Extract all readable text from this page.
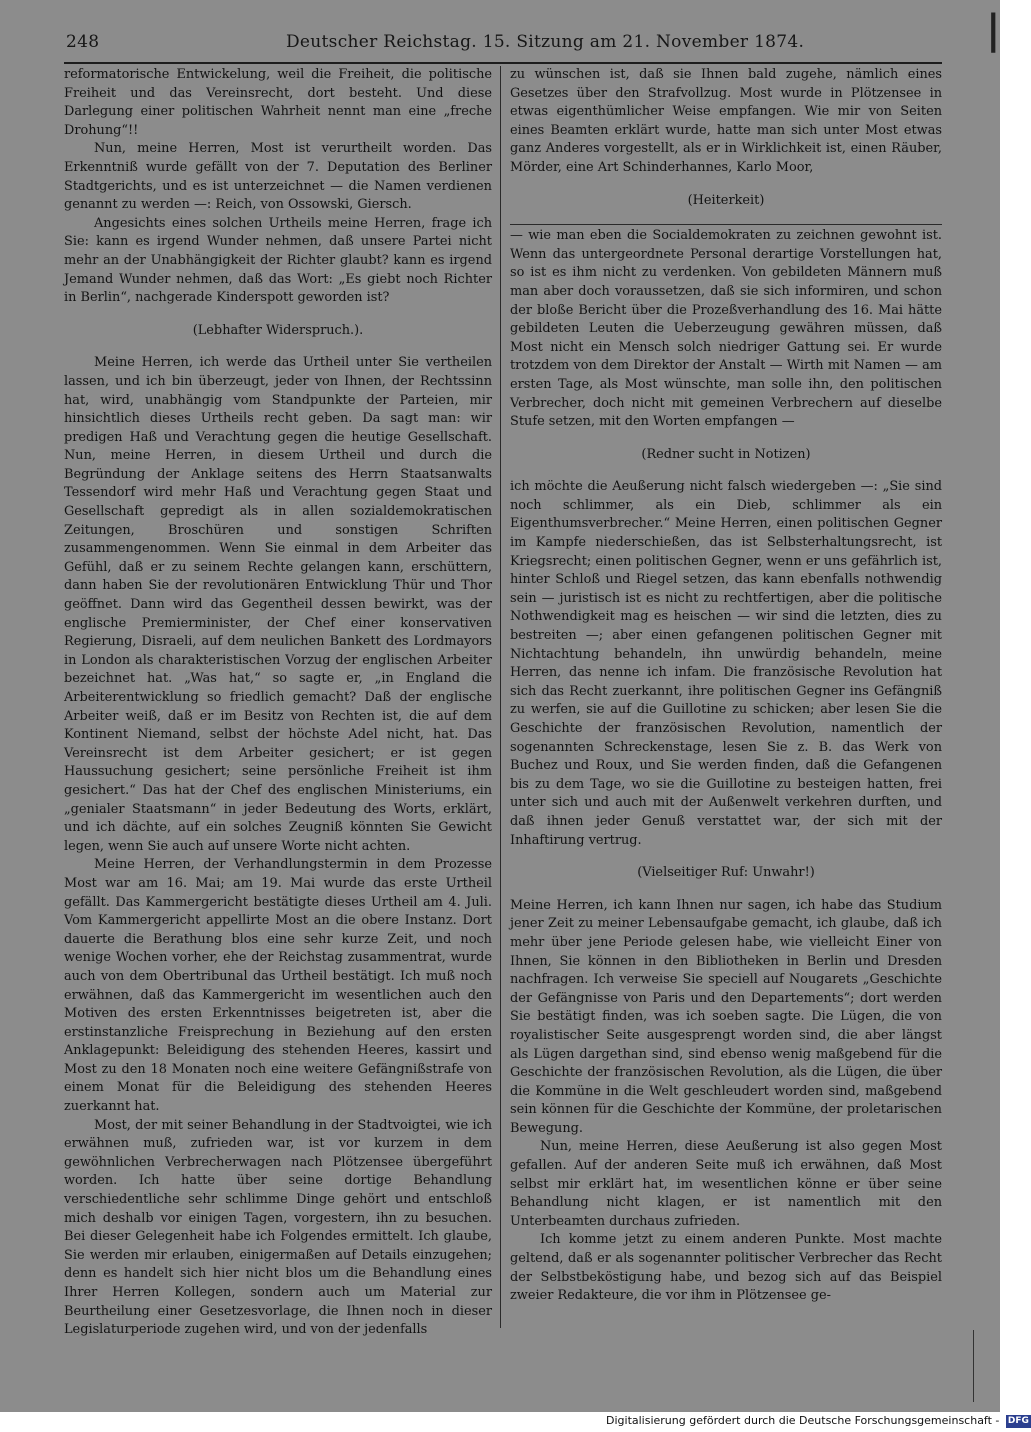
|
248	Deutscher Reichstag. 15. Sitzung am 21. November 1874.

reformatorische Entwickelung, weil die Freiheit, die politische Freiheit und das Vereinsrecht, dort besteht. Und diese Darlegung einer politischen Wahrheit nennt man eine „freche Drohung“!!

Nun, meine Herren, Most ist verurtheilt worden. Das Erkenntniß wurde gefällt von der 7. Deputation des Berliner Stadtgerichts, und es ist unterzeichnet — die Namen verdienen genannt zu werden —: Reich, von Ossowski, Giersch.

Angesichts eines solchen Urtheils meine Herren, frage ich Sie: kann es irgend Wunder nehmen, daß unsere Partei nicht mehr an der Unabhängigkeit der Richter glaubt? kann es irgend Jemand Wunder nehmen, daß das Wort: „Es giebt noch Richter in Berlin“, nachgerade Kinderspott geworden ist?

(Lebhafter Widerspruch.).

Meine Herren, ich werde das Urtheil unter Sie vertheilen lassen, und ich bin überzeugt, jeder von Ihnen, der Rechtssinn hat, wird, unabhängig vom Standpunkte der Parteien, mir hinsichtlich dieses Urtheils recht geben. Da sagt man: wir predigen Haß und Verachtung gegen die heutige Gesellschaft. Nun, meine Herren, in diesem Urtheil und durch die Begründung der Anklage seitens des Herrn Staatsanwalts Tessendorf wird mehr Haß und Verachtung gegen Staat und Gesellschaft gepredigt als in allen sozialdemokratischen Zeitungen, Broschüren und sonstigen Schriften zusammengenommen. Wenn Sie einmal in dem Arbeiter das Gefühl, daß er zu seinem Rechte gelangen kann, erschüttern, dann haben Sie der revolutionären Entwicklung Thür und Thor geöffnet. Dann wird das Gegentheil dessen bewirkt, was der englische Premierminister, der Chef einer konservativen Regierung, Disraeli, auf dem neulichen Bankett des Lordmayors in London als charakteristischen Vorzug der englischen Arbeiter bezeichnet hat. „Was hat,“ so sagte er, „in England die Arbeiterentwicklung so friedlich gemacht? Daß der englische Arbeiter weiß, daß er im Besitz von Rechten ist, die auf dem Kontinent Niemand, selbst der höchste Adel nicht, hat. Das Vereinsrecht ist dem Arbeiter gesichert; er ist gegen Haussuchung gesichert; seine persönliche Freiheit ist ihm gesichert.“ Das hat der Chef des englischen Ministeriums, ein „genialer Staatsmann“ in jeder Bedeutung des Worts, erklärt, und ich dächte, auf ein solches Zeugniß könnten Sie Gewicht legen, wenn Sie auch auf unsere Worte nicht achten.

Meine Herren, der Verhandlungstermin in dem Prozesse Most war am 16. Mai; am 19. Mai wurde das erste Urtheil gefällt. Das Kammergericht bestätigte dieses Urtheil am 4. Juli. Vom Kammergericht appellirte Most an die obere Instanz. Dort dauerte die Berathung blos eine sehr kurze Zeit, und noch wenige Wochen vorher, ehe der Reichstag zusammentrat, wurde auch von dem Obertribunal das Urtheil bestätigt. Ich muß noch erwähnen, daß das Kammergericht im wesentlichen auch den Motiven des ersten Erkenntnisses beigetreten ist, aber die erstinstanzliche Freisprechung in Beziehung auf den ersten Anklagepunkt: Beleidigung des stehenden Heeres, kassirt und Most zu den 18 Monaten noch eine weitere Gefängnißstrafe von einem Monat für die Beleidigung des stehenden Heeres zuerkannt hat.

Most, der mit seiner Behandlung in der Stadtvoigtei, wie ich erwähnen muß, zufrieden war, ist vor kurzem in dem gewöhnlichen Verbrecherwagen nach Plötzensee übergeführt worden. Ich hatte über seine dortige Behandlung verschiedentliche sehr schlimme Dinge gehört und entschloß mich deshalb vor einigen Tagen, vorgestern, ihn zu besuchen. Bei dieser Gelegenheit habe ich Folgendes ermittelt. Ich glaube, Sie werden mir erlauben, einigermaßen auf Details einzugehen; denn es handelt sich hier nicht blos um die Behandlung eines Ihrer Herren Kollegen, sondern auch um Material zur Beurtheilung einer Gesetzesvorlage, die Ihnen noch in dieser Legislaturperiode zugehen wird, und von der jedenfalls

zu wünschen ist, daß sie Ihnen bald zugehe, nämlich eines Gesetzes über den Strafvollzug. Most wurde in Plötzensee in etwas eigenthümlicher Weise empfangen. Wie mir von Seiten eines Beamten erklärt wurde, hatte man sich unter Most etwas ganz Anderes vorgestellt, als er in Wirklichkeit ist, einen Räuber, Mörder, eine Art Schinderhannes, Karlo Moor,

(Heiterkeit)

— wie man eben die Socialdemokraten zu zeichnen gewohnt ist. Wenn das untergeordnete Personal derartige Vorstellungen hat, so ist es ihm nicht zu verdenken. Von gebildeten Männern muß man aber doch voraussetzen, daß sie sich informiren, und schon der bloße Bericht über die Prozeßverhandlung des 16. Mai hätte gebildeten Leuten die Ueberzeugung gewähren müssen, daß Most nicht ein Mensch solch niedriger Gattung sei. Er wurde trotzdem von dem Direktor der Anstalt — Wirth mit Namen — am ersten Tage, als Most wünschte, man solle ihn, den politischen Verbrecher, doch nicht mit gemeinen Verbrechern auf dieselbe Stufe setzen, mit den Worten empfangen —

(Redner sucht in Notizen)

ich möchte die Aeußerung nicht falsch wiedergeben —: „Sie sind noch schlimmer, als ein Dieb, schlimmer als ein Eigenthumsverbrecher.“ Meine Herren, einen politischen Gegner im Kampfe niederschießen, das ist Selbsterhaltungsrecht, ist Kriegsrecht; einen politischen Gegner, wenn er uns gefährlich ist, hinter Schloß und Riegel setzen, das kann ebenfalls nothwendig sein — juristisch ist es nicht zu rechtfertigen, aber die politische Nothwendigkeit mag es heischen — wir sind die letzten, dies zu bestreiten —; aber einen gefangenen politischen Gegner mit Nichtachtung behandeln, ihn unwürdig behandeln, meine Herren, das nenne ich infam. Die französische Revolution hat sich das Recht zuerkannt, ihre politischen Gegner ins Gefängniß zu werfen, sie auf die Guillotine zu schicken; aber lesen Sie die Geschichte der französischen Revolution, namentlich der sogenannten Schreckenstage, lesen Sie z. B. das Werk von Buchez und Roux, und Sie werden finden, daß die Gefangenen bis zu dem Tage, wo sie die Guillotine zu besteigen hatten, frei unter sich und auch mit der Außenwelt verkehren durften, und daß ihnen jeder Genuß verstattet war, der sich mit der Inhaftirung vertrug.

(Vielseitiger Ruf: Unwahr!)

Meine Herren, ich kann Ihnen nur sagen, ich habe das Studium jener Zeit zu meiner Lebensaufgabe gemacht, ich glaube, daß ich mehr über jene Periode gelesen habe, wie vielleicht Einer von Ihnen, Sie können in den Bibliotheken in Berlin und Dresden nachfragen. Ich verweise Sie speciell auf Nougarets „Geschichte der Gefängnisse von Paris und den Departements“; dort werden Sie bestätigt finden, was ich soeben sagte. Die Lügen, die von royalistischer Seite ausgesprengt worden sind, die aber längst als Lügen dargethan sind, sind ebenso wenig maßgebend für die Geschichte der französischen Revolution, als die Lügen, die über die Kommüne in die Welt geschleudert worden sind, maßgebend sein können für die Geschichte der Kommüne, der proletarischen Bewegung.

Nun, meine Herren, diese Aeußerung ist also gegen Most gefallen. Auf der anderen Seite muß ich erwähnen, daß Most selbst mir erklärt hat, im wesentlichen könne er über seine Behandlung nicht klagen, er ist namentlich mit den Unterbeamten durchaus zufrieden.

Ich komme jetzt zu einem anderen Punkte. Most machte geltend, daß er als sogenannter politischer Verbrecher das Recht der Selbstbeköstigung habe, und bezog sich auf das Beispiel zweier Redakteure, die vor ihm in Plötzensee ge-

Digitalisierung gefördert durch die Deutsche Forschungsgemeinschaft - DFG
